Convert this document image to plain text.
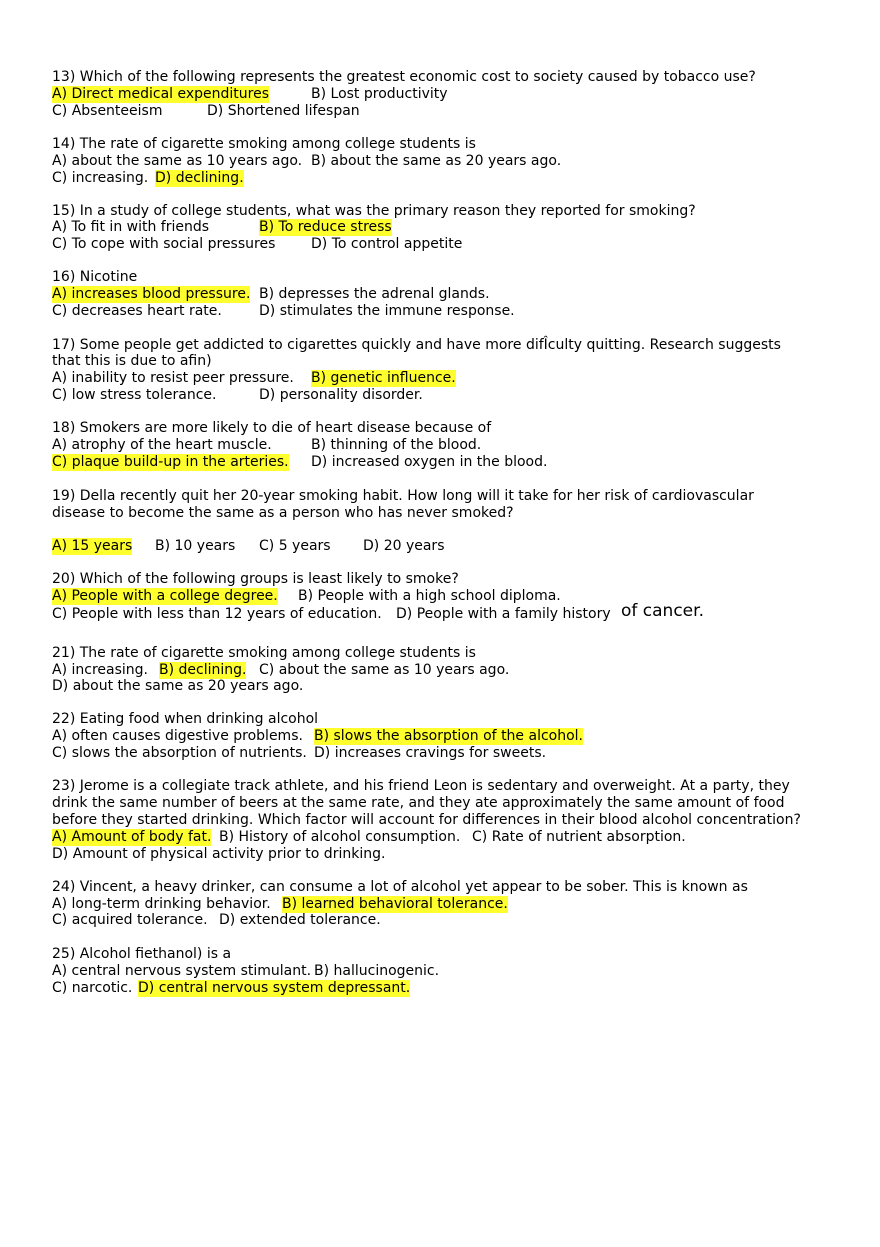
13) Which of the following represents the greatest economic cost to society caused by tobacco use?
A) Direct medical expenditures	B) Lost productivity
C) Absenteeism	D) Shortened lifespan
14) The rate of cigarette smoking among college students is
A) about the same as 10 years ago. B) about the same as 20 years ago.
C) increasing. D) declining.
15) In a study of college students, what was the primary reason they reported for smoking?
A) To fit in with friends	B) To reduce stress
C) To cope with social pressures	D) To control appetite
16) Nicotine
A) increases blood pressure. B) depresses the adrenal glands.
C) decreases heart rate.	D) stimulates the immune response.
17) Some people get addicted to cigarettes quickly and have more difÎculty quitting. Research suggests
that this is due to afin)
A) inability to resist peer pressure. B) genetic influence.
C) low stress tolerance.	D) personality disorder.
18) Smokers are more likely to die of heart disease because of
A) atrophy of the heart muscle.	B) thinning of the blood.
C) plaque build-up in the arteries. D) increased oxygen in the blood.
19) Della recently quit her 20-year smoking habit. How long will it take for her risk of cardiovascular
disease to become the same as a person who has never smoked?
A) 15 years B) 10 years C) 5 years D) 20 years
20) Which of the following groups is least likely to smoke?
A) People with a college degree. B) People with a high school diploma.
C) People with less than 12 years of education. D) People with a family history of cancer.
21) The rate of cigarette smoking among college students is
A) increasing. B) declining. C) about the same as 10 years ago.
D) about the same as 20 years ago.
22) Eating food when drinking alcohol
A) often causes digestive problems. B) slows the absorption of the alcohol.
C) slows the absorption of nutrients. D) increases cravings for sweets.
23) Jerome is a collegiate track athlete, and his friend Leon is sedentary and overweight. At a party, they
drink the same number of beers at the same rate, and they ate approximately the same amount of food
before they started drinking. Which factor will account for differences in their blood alcohol concentration?
A) Amount of body fat. B) History of alcohol consumption. C) Rate of nutrient absorption.
D) Amount of physical activity prior to drinking.
24) Vincent, a heavy drinker, can consume a lot of alcohol yet appear to be sober. This is known as
A) long-term drinking behavior. B) learned behavioral tolerance.
C) acquired tolerance. D) extended tolerance.
25) Alcohol fiethanol) is a
A) central nervous system stimulant. B) hallucinogenic.
C) narcotic. D) central nervous system depressant.
